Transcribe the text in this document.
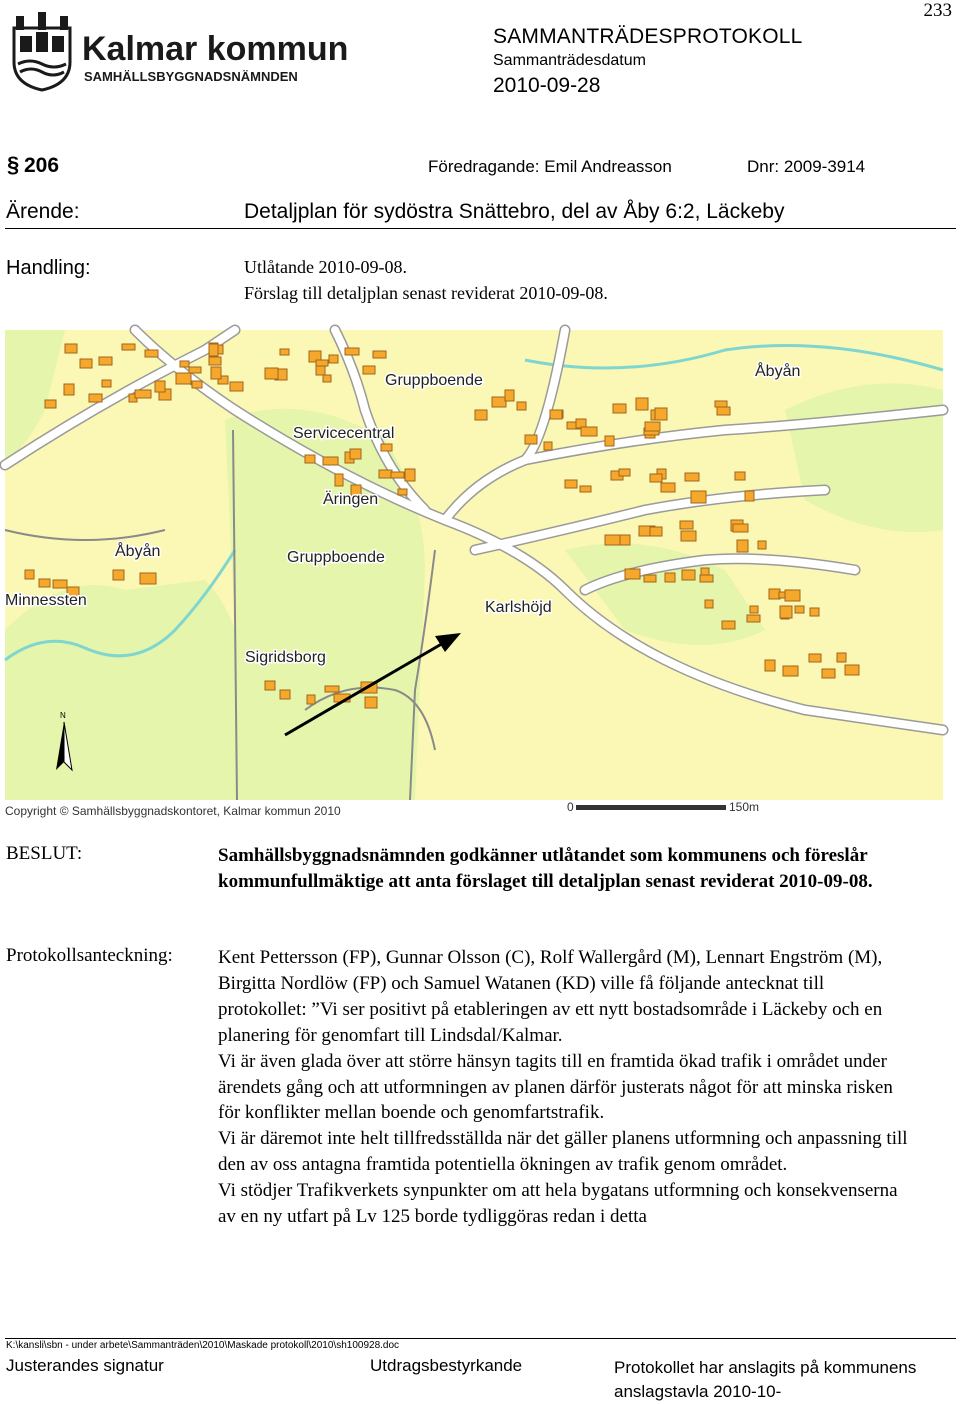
233
Kalmar kommun
SAMHÄLLSBYGGNADSNÄMNDEN
SAMMANTRÄDESPROTOKOLL
Sammanträdesdatum
2010-09-28
§ 206	Föredragande: Emil Andreasson	Dnr: 2009-3914
Ärende:	Detaljplan för sydöstra Snättebro, del av Åby 6:2, Läckeby
Handling:	Utlåtande 2010-09-08.
Förslag till detaljplan senast reviderat 2010-09-08.
N
Gruppboende
Åbyån
Servicecentral
Äringen
Åbyån	Gruppboende
Minnessten	Karlshöjd
Sigridsborg
Copyright © Samhällsbyggnadskontoret, Kalmar kommun 2010	0	150m
BESLUT:	Samhällsbyggnadsnämnden godkänner utlåtandet som kommunens och föreslår kommunfullmäktige att anta förslaget till detaljplan senast reviderat 2010-09-08.
Protokollsanteckning: Kent Pettersson (FP), Gunnar Olsson (C), Rolf Wallergård (M), Lennart Engström (M), Birgitta Nordlöw (FP) och Samuel Watanen (KD) ville få följande antecknat till protokollet: ”Vi ser positivt på etableringen av ett nytt bostadsområde i Läckeby och en planering för genomfart till Lindsdal/Kalmar.

Vi är även glada över att större hänsyn tagits till en framtida ökad trafik i området under ärendets gång och att utformningen av planen därför justerats något för att minska risken för konflikter mellan boende och genomfartstrafik.

Vi är däremot inte helt tillfredsställda när det gäller planens utformning och anpassning till den av oss antagna framtida potentiella ökningen av trafik genom området.

Vi stödjer Trafikverkets synpunkter om att hela bygatans utformning och konsekvenserna av en ny utfart på Lv 125 borde tydliggöras redan i detta

K:\kansli\sbn - under arbete\Sammanträden\2010\Maskade protokoll\2010\sh100928.doc
Justerandes signatur	Utdragsbestyrkande	Protokollet har anslagits på kommunens anslagstavla 2010-10-
